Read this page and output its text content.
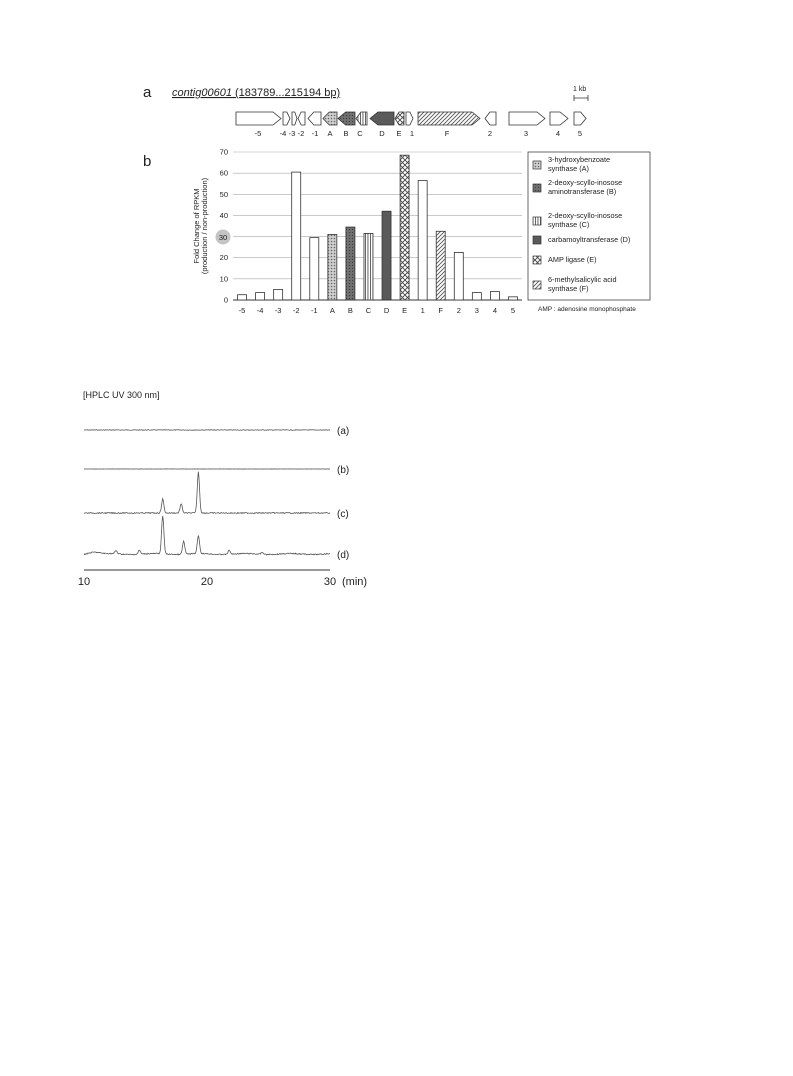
a contig00601 (183789...215194 bp)	1 kb
-5 -4 -3 -2 -1 A B C D E 1	F	2	3	4 5
b
0
10
20
40
50
60
70
-5 -4 -3 -2 -1 A B C D E 1 F 2 3 4 5
Fold Change of RPKM (production / non-production) 30
3-hydroxybenzoate
synthase (A)
2-deoxy-scyllo-inosose
aminotransferase (B)
2-deoxy-scyllo-inosose
synthase (C)
carbamoyltransferase (D)
AMP ligase (E)
6-methylsalicylic acid
synthase (F)
AMP : adenosine monophosphate
[HPLC UV 300 nm]
(a)
(b)
(c)
(d)
10	20	30 (min)
